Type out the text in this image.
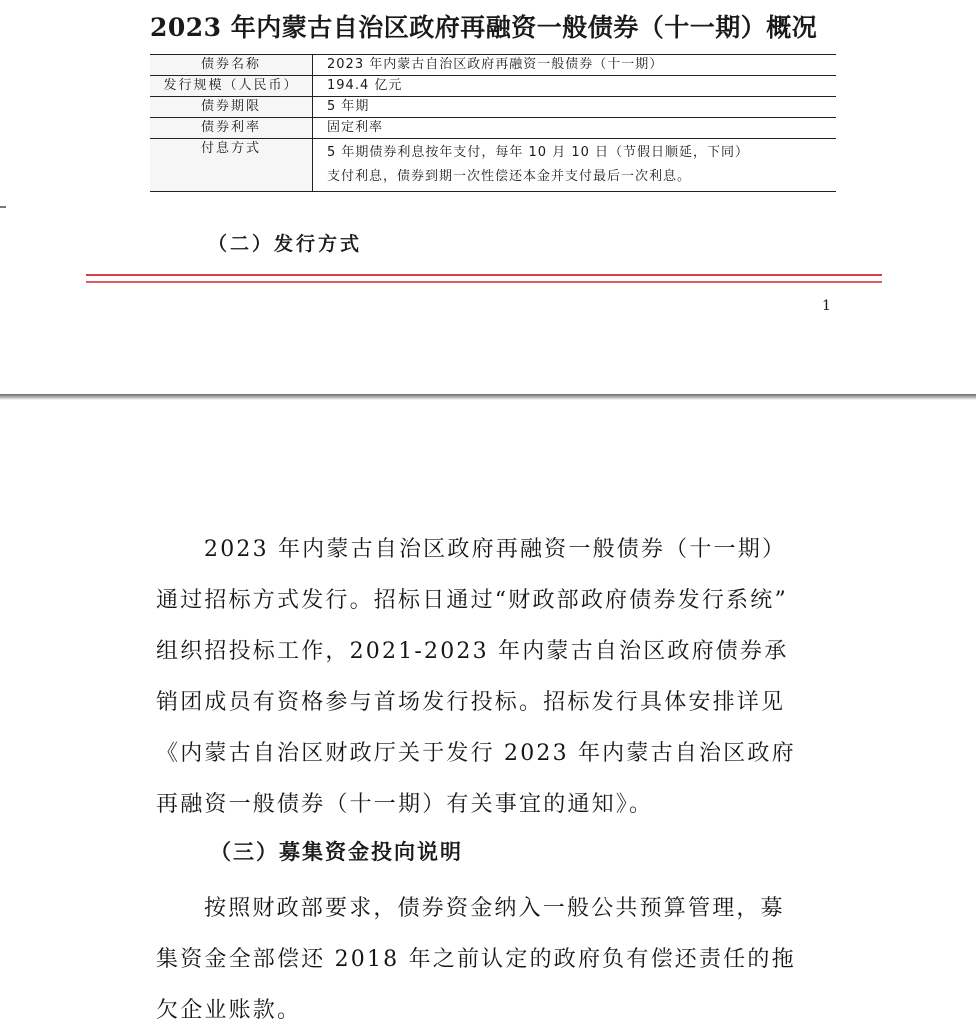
2023 年内蒙古自治区政府再融资一般债券（十一期）概况
债券名称	2023 年内蒙古自治区政府再融资一般债券（十一期）
发行规模（人民币）	194.4 亿元
债券期限	5 年期
债券利率	固定利率
付息方式	5 年期债券利息按年支付，每年 10 月 10 日（节假日顺延，下同）
支付利息，债券到期一次性偿还本金并支付最后一次利息。
（二）发行方式
1
2023 年内蒙古自治区政府再融资一般债券（十一期）
通过招标方式发行。招标日通过“财政部政府债券发行系统”
组织招投标工作，2021-2023 年内蒙古自治区政府债券承
销团成员有资格参与首场发行投标。招标发行具体安排详见
《内蒙古自治区财政厅关于发行 2023 年内蒙古自治区政府
再融资一般债券（十一期）有关事宜的通知》。
（三）募集资金投向说明
按照财政部要求，债券资金纳入一般公共预算管理，募
集资金全部偿还 2018 年之前认定的政府负有偿还责任的拖
欠企业账款。
